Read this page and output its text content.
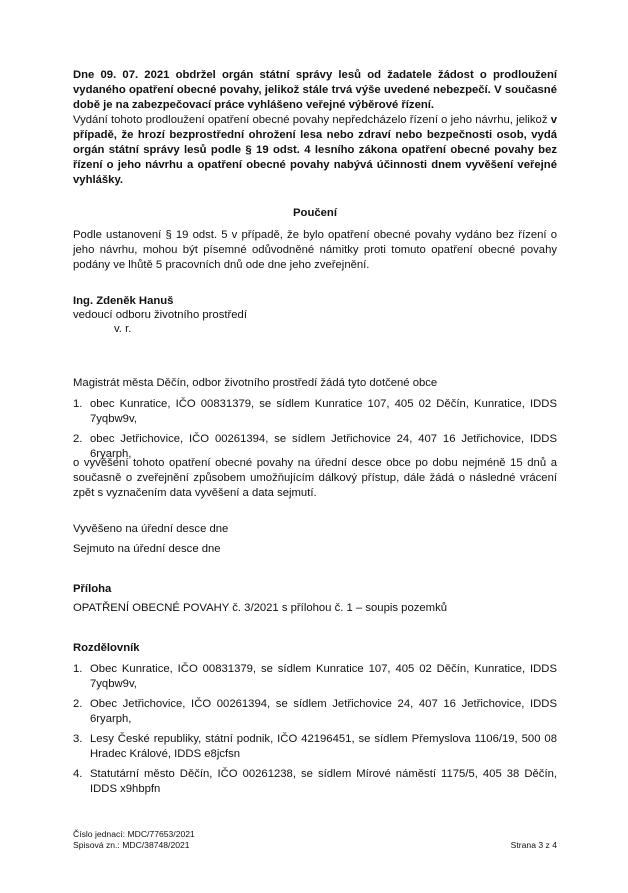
Dne 09. 07. 2021 obdržel orgán státní správy lesů od žadatele žádost o prodloužení vydaného opatření obecné povahy, jelikož stále trvá výše uvedené nebezpečí. V současné době je na zabezpečovací práce vyhlášeno veřejné výběrové řízení.

Vydání tohoto prodloužení opatření obecné povahy nepředcházelo řízení o jeho návrhu, jelikož v případě, že hrozí bezprostřední ohrožení lesa nebo zdraví nebo bezpečnosti osob, vydá orgán státní správy lesů podle § 19 odst. 4 lesního zákona opatření obecné povahy bez řízení o jeho návrhu a opatření obecné povahy nabývá účinnosti dnem vyvěšení veřejné vyhlášky.

Poučení
Podle ustanovení § 19 odst. 5 v případě, že bylo opatření obecné povahy vydáno bez řízení o jeho návrhu, mohou být písemné odůvodněné námitky proti tomuto opatření obecné povahy podány ve lhůtě 5 pracovních dnů ode dne jeho zveřejnění.
Ing. Zdeněk Hanuš
vedoucí odboru životního prostředí
v. r.
Magistrát města Děčín, odbor životního prostředí žádá tyto dotčené obce
1. obec Kunratice, IČO 00831379, se sídlem Kunratice 107, 405 02 Děčín, Kunratice, IDDS 7yqbw9v,
2. obec Jetřichovice, IČO 00261394, se sídlem Jetřichovice 24, 407 16 Jetřichovice, IDDS 6ryarph,
o vyvěšení tohoto opatření obecné povahy na úřední desce obce po dobu nejméně 15 dnů a současně o zveřejnění způsobem umožňujícím dálkový přístup, dále žádá o následné vrácení zpět s vyznačením data vyvěšení a data sejmutí.
Vyvěšeno na úřední desce dne
Sejmuto na úřední desce dne
Příloha
OPATŘENÍ OBECNÉ POVAHY č. 3/2021 s přílohou č. 1 – soupis pozemků
Rozdělovník
1. Obec Kunratice, IČO 00831379, se sídlem Kunratice 107, 405 02 Děčín, Kunratice, IDDS 7yqbw9v,
2. Obec Jetřichovice, IČO 00261394, se sídlem Jetřichovice 24, 407 16 Jetřichovice, IDDS 6ryarph,
3. Lesy České republiky, státní podnik, IČO 42196451, se sídlem Přemyslova 1106/19, 500 08 Hradec Králové, IDDS e8jcfsn
4. Statutární město Děčín, IČO 00261238, se sídlem Mírové náměstí 1175/5, 405 38 Děčín, IDDS x9hbpfn
Číslo jednací: MDC/77653/2021
Spisová zn.: MDC/38748/2021	Strana 3 z 4
